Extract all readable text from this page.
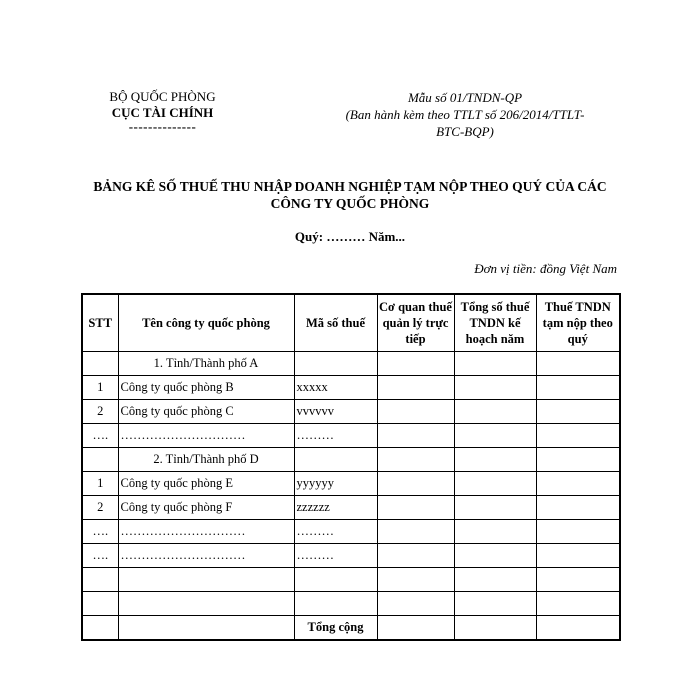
BỘ QUỐC PHÒNG
CỤC TÀI CHÍNH
--------------
Mẫu số 01/TNDN-QP
(Ban hành kèm theo TTLT số 206/2014/TTLT-
BTC-BQP)
BẢNG KÊ SỐ THUẾ THU NHẬP DOANH NGHIỆP TẠM NỘP THEO QUÝ CỦA CÁC
CÔNG TY QUỐC PHÒNG
Quý: ……… Năm...
Đơn vị tiền: đồng Việt Nam
STT	Tên công ty quốc phòng	Mã số thuế	Cơ quan thuế quản lý trực tiếp	Tổng số thuế TNDN kế hoạch năm	Thuế TNDN tạm nộp theo quý
	1. Tỉnh/Thành phố A				
1	Công ty quốc phòng B	xxxxx			
2	Công ty quốc phòng C	vvvvvv			
….	…………………………	………			
	2. Tỉnh/Thành phố D				
1	Công ty quốc phòng E	yyyyyy			
2	Công ty quốc phòng F	zzzzzz			
….	…………………………	………			
….	…………………………	………			

		Tổng cộng			
